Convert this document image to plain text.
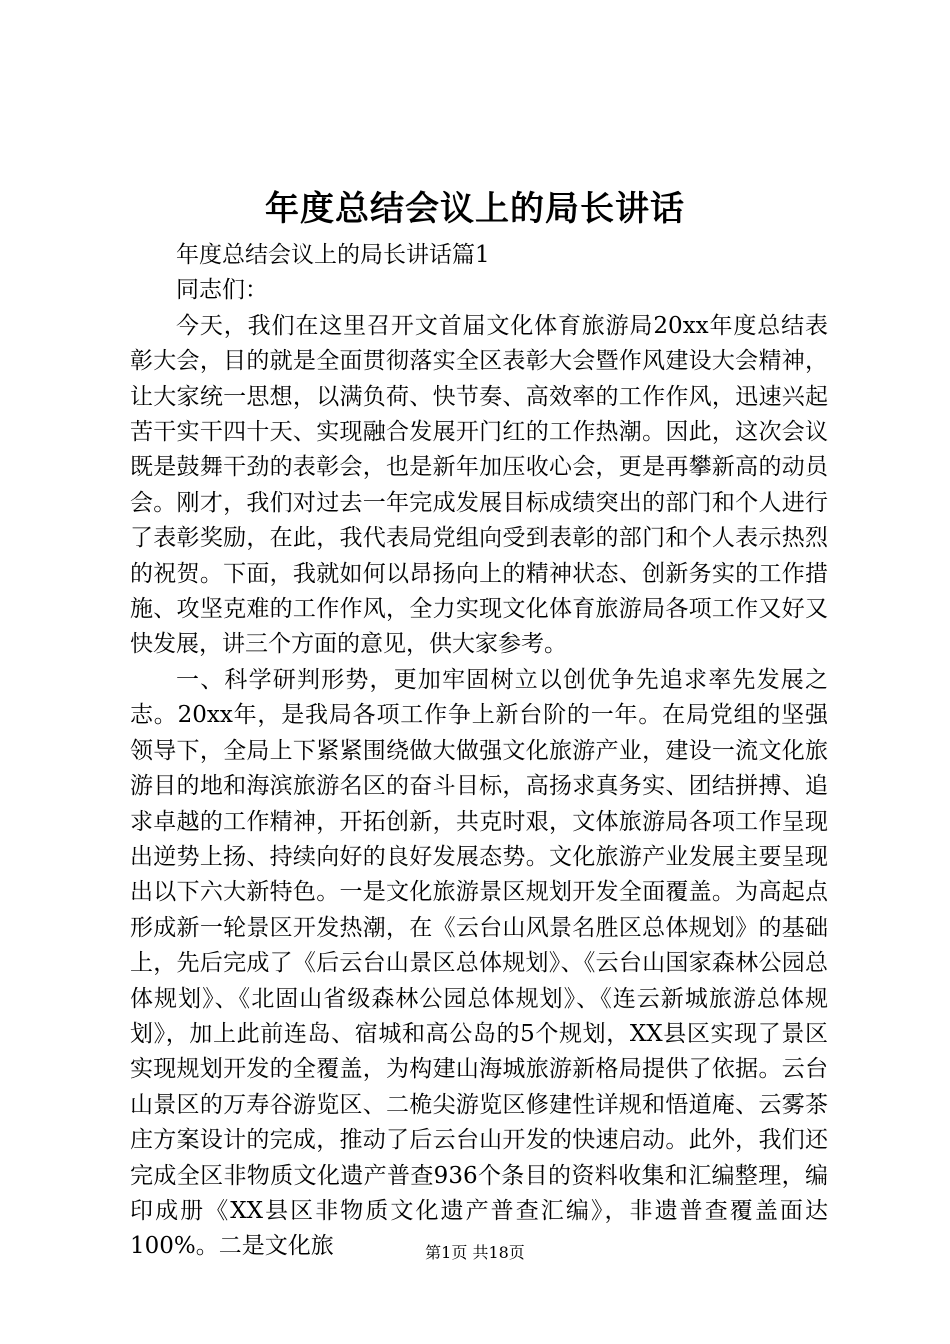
年度总结会议上的局长讲话

年度总结会议上的局长讲话篇1

同志们：

今天，我们在这里召开文首届文化体育旅游局20xx年度总结表彰大会，目的就是全面贯彻落实全区表彰大会暨作风建设大会精神，让大家统一思想，以满负荷、快节奏、高效率的工作作风，迅速兴起苦干实干四十天、实现融合发展开门红的工作热潮。因此，这次会议既是鼓舞干劲的表彰会，也是新年加压收心会，更是再攀新高的动员会。刚才，我们对过去一年完成发展目标成绩突出的部门和个人进行了表彰奖励，在此，我代表局党组向受到表彰的部门和个人表示热烈的祝贺。下面，我就如何以昂扬向上的精神状态、创新务实的工作措施、攻坚克难的工作作风，全力实现文化体育旅游局各项工作又好又快发展，讲三个方面的意见，供大家参考。

一、科学研判形势，更加牢固树立以创优争先追求率先发展之志。20xx年，是我局各项工作争上新台阶的一年。在局党组的坚强领导下，全局上下紧紧围绕做大做强文化旅游产业，建设一流文化旅游目的地和海滨旅游名区的奋斗目标，高扬求真务实、团结拼搏、追求卓越的工作精神，开拓创新，共克时艰，文体旅游局各项工作呈现出逆势上扬、持续向好的良好发展态势。文化旅游产业发展主要呈现出以下六大新特色。一是文化旅游景区规划开发全面覆盖。为高起点形成新一轮景区开发热潮，在《云台山风景名胜区总体规划》的基础上，先后完成了《后云台山景区总体规划》、《云台山国家森林公园总体规划》、《北固山省级森林公园总体规划》、《连云新城旅游总体规划》，加上此前连岛、宿城和高公岛的5个规划，XX县区实现了景区实现规划开发的全覆盖，为构建山海城旅游新格局提供了依据。云台山景区的万寿谷游览区、二桅尖游览区修建性详规和悟道庵、云雾茶庄方案设计的完成，推动了后云台山开发的快速启动。此外，我们还完成全区非物质文化遗产普查936个条目的资料收集和汇编整理，编印成册《XX县区非物质文化遗产普查汇编》，非遗普查覆盖面达100%。二是文化旅	第1页 共18页
